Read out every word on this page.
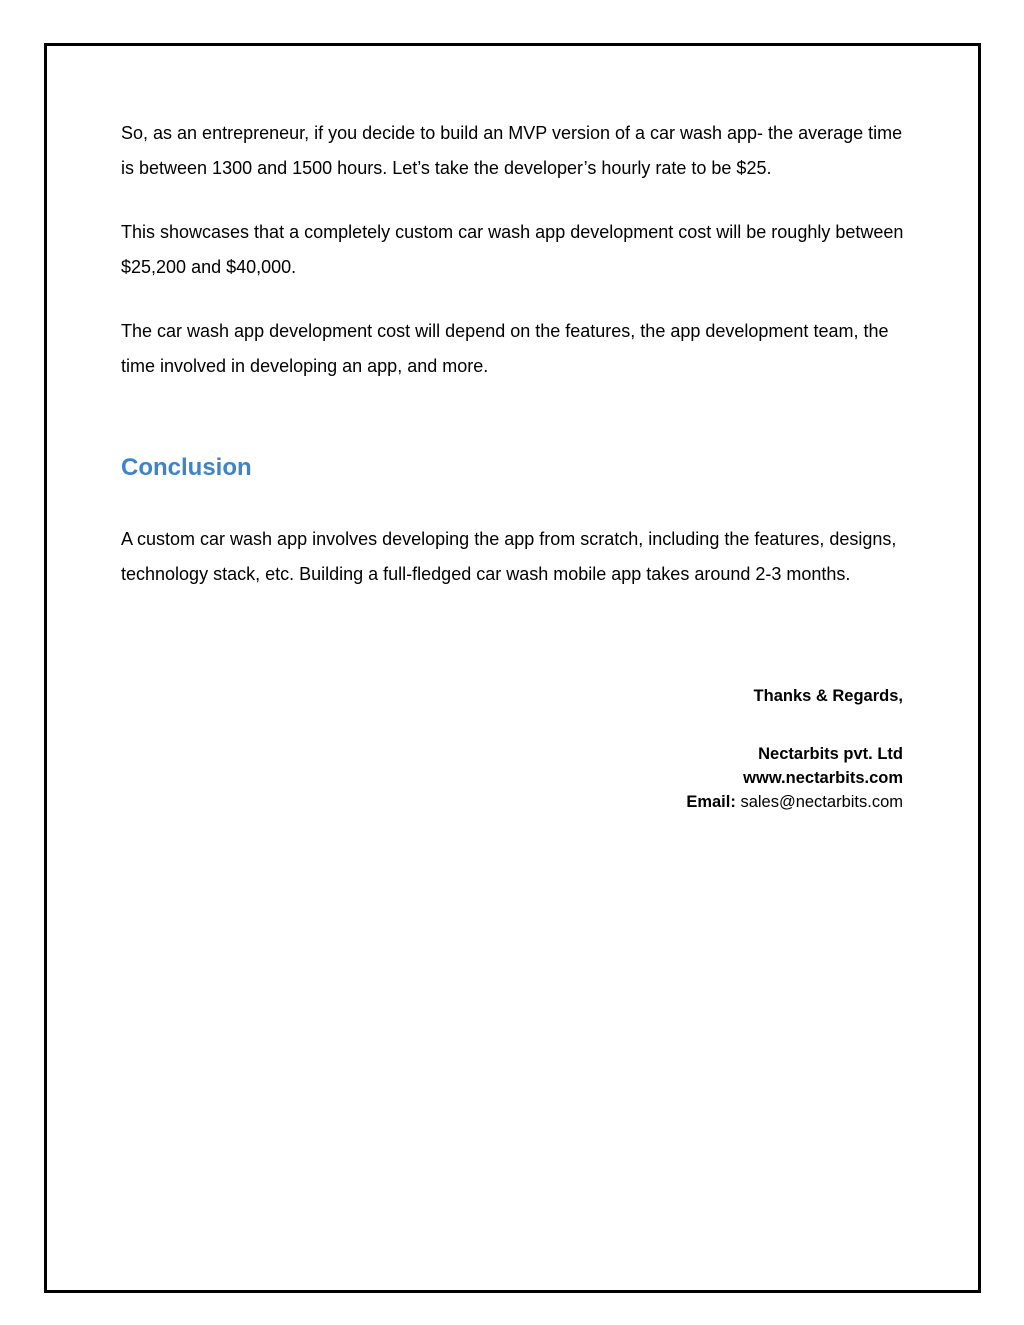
So, as an entrepreneur, if you decide to build an MVP version of a car wash app- the average time is between 1300 and 1500 hours. Let’s take the developer’s hourly rate to be $25.

This showcases that a completely custom car wash app development cost will be roughly between $25,200 and $40,000.

The car wash app development cost will depend on the features, the app development team, the time involved in developing an app, and more.

Conclusion

A custom car wash app involves developing the app from scratch, including the features, designs, technology stack, etc. Building a full-fledged car wash mobile app takes around 2-3 months.

Thanks & Regards,
Nectarbits pvt. Ltd
www.nectarbits.com
Email: sales@nectarbits.com
